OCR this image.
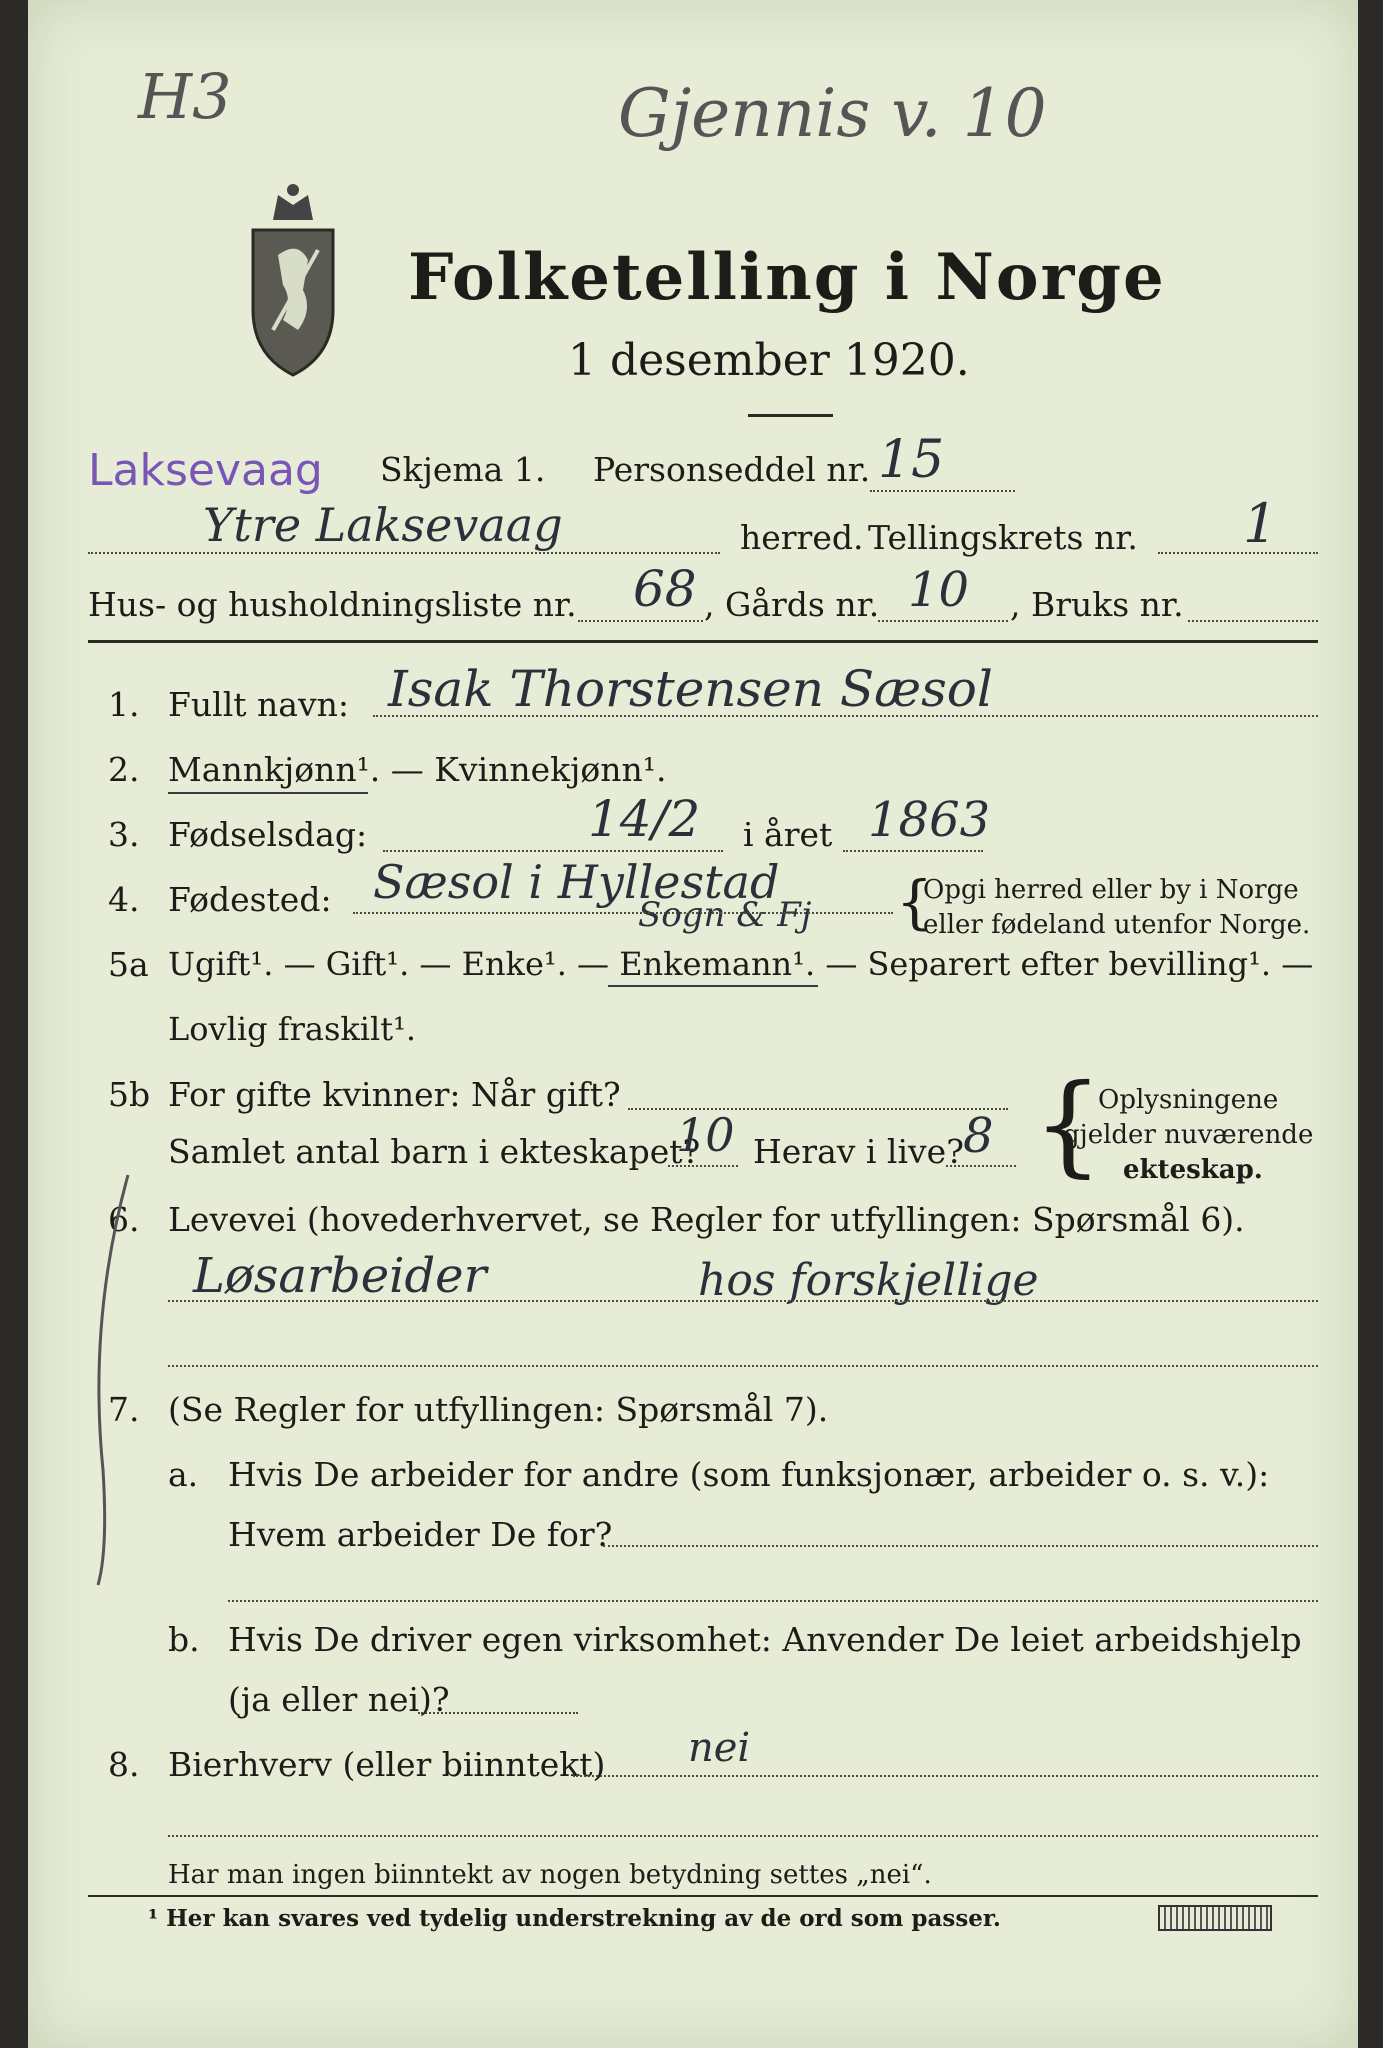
H3	Gjennis v. 10
Folketelling i Norge
1 desember 1920.
Laksevaag Skjema 1. Personseddel nr. 15
Ytre Laksevaag	herred. Tellingskrets nr. 1
Hus- og husholdningsliste nr. 68 , Gårds nr. 10 , Bruks nr.
1. Fullt navn: Isak Thorstensen Sæsol
2. Mannkjønn¹. — Kvinnekjønn¹.
3. Fødselsdag:	14/2 i året 1863
4. Fødested: Sæsol i Hyllestad
Sogn & Fj {
Opgi herred eller by i Norge
eller fødeland utenfor Norge.
5a Ugift¹. — Gift¹. — Enke¹. — Enkemann¹. — Separert efter bevilling¹. —
Lovlig fraskilt¹.
5b For gifte kvinner: Når gift?
Samlet antal barn i ekteskapet?
10 Herav i live? 8 {
Oplysningene
gjelder nuværende
ekteskap.
6. Levevei (hovederhvervet, se Regler for utfyllingen: Spørsmål 6).
Løsarbeider	hos forskjellige
7. (Se Regler for utfyllingen: Spørsmål 7).
a. Hvis De arbeider for andre (som funksjonær, arbeider o. s. v.):
Hvem arbeider De for?
b. Hvis De driver egen virksomhet: Anvender De leiet arbeidshjelp
(ja eller nei)?
8. Bierhverv (eller biinntekt) nei
Har man ingen biinntekt av nogen betydning settes „nei“.
¹ Her kan svares ved tydelig understrekning av de ord som passer.
